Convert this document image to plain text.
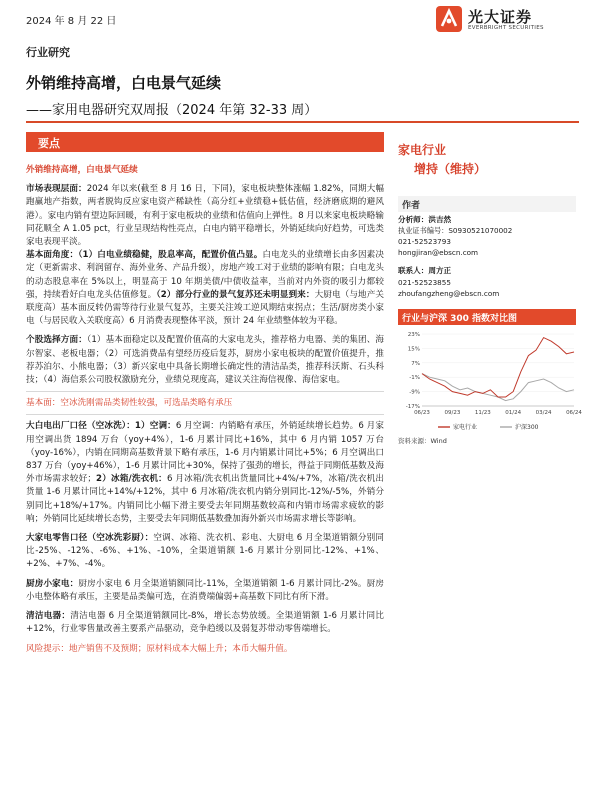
2024 年 8 月 22 日	光大证券
EVERBRIGHT SECURITIES
行业研究
外销维持高增，白电景气延续
——家用电器研究双周报（2024 年第 32-33 周）
要点

外销维持高增，白电景气延续

市场表现层面：2024 年以来(截至 8 月 16 日，下同)，家电板块整体涨幅 1.82%，同期大幅跑赢地产指数，两者脱钩反应家电资产稀缺性（高分红+业绩稳+低估值，经济磨底期的避风港）。家电内销有望边际回暖，有利于家电板块的业绩和估值向上弹性。8 月以来家电板块略输同花顺全 A 1.05 pct，行业呈现结构性亮点，白电内销平稳增长，外销延续向好趋势，可选类家电表现平淡。

基本面角度：（1）白电业绩稳健，股息率高，配置价值凸显。白电龙头的业绩增长由多因素决定（更新需求、利润留存、海外业务、产品升级），房地产竣工对于业绩的影响有限；白电龙头的动态股息率在 5%以上，明显高于 10 年期美债/中债收益率，当前对内外资的吸引力都较强，持续看好白电龙头估值修复。（2）部分行业的景气复苏还未明显到来：大厨电（与地产关联度高）基本面反转仍需等待行业景气复苏，主要关注竣工逆风期结束拐点；生活/厨房类小家电（与居民收入关联度高）6 月消费表现整体平淡，预计 24 年业绩整体较为平稳。

个股选择方面：（1）基本面稳定以及配置价值高的大家电龙头，推荐格力电器、美的集团、海尔智家、老板电器；（2）可选消费品有望经历疫后复苏，厨房小家电板块的配置价值提升，推荐苏泊尔、小熊电器；（3）新兴家电中具备长期增长确定性的清洁品类，推荐科沃斯、石头科技；（4）海信系公司股权激励充分，业绩兑现度高，建议关注海信视像、海信家电。

基本面：空冰洗刚需品类韧性较强，可选品类略有承压

大白电出厂口径（空冰洗）：1）空调：6 月空调：内销略有承压，外销延续增长趋势。6 月家用空调出货 1894 万台（yoy+4%），1-6 月累计同比+16%，其中 6 月内销 1057 万台（yoy-16%），内销在同期高基数背景下略有承压，1-6 月内销累计同比+5%；6 月空调出口 837 万台（yoy+46%），1-6 月累计同比+30%，保持了强劲的增长，得益于同期低基数及海外市场需求较好；2）冰箱/洗衣机：6 月冰箱/洗衣机出货量同比+4%/+7%，冰箱/洗衣机出货量 1-6 月累计同比+14%/+12%，其中 6 月冰箱/洗衣机内销分别同比-12%/-5%，外销分别同比+18%/+17%。内销同比小幅下滑主要受去年同期基数较高和内销市场需求疲软的影响；外销同比延续增长态势，主要受去年同期低基数叠加海外新兴市场需求增长等影响。

大家电零售口径（空冰洗彩厨）：空调、冰箱、洗衣机、彩电、大厨电 6 月全渠道销额分别同比-25%、-12%、-6%、+1%、-10%，全渠道销额 1-6 月累计分别同比-12%、+1%、+2%、+7%、-4%。

厨房小家电：厨房小家电 6 月全渠道销额同比-11%，全渠道销额 1-6 月累计同比-2%。厨房小电整体略有承压，主要是品类偏可选，在消费端偏弱+高基数下同比有所下滑。

清洁电器：清洁电器 6 月全渠道销额同比-8%，增长态势放缓。全渠道销额 1-6 月累计同比+12%，行业零售量改善主要系产品驱动，竞争趋缓以及弱复苏带动零售端增长。

风险提示：地产销售不及预期；原材料成本大幅上升；本币大幅升值。

家电行业
增持（维持）
作者
分析师：洪吉然
执业证书编号：S0930521070002
021-52523793
hongjiran@ebscn.com
联系人：周方正
021-52523855
zhoufangzheng@ebscn.com
行业与沪深 300 指数对比图
-17%
-9%
-1%
7%
15%
23%
06/23	09/23	11/23	01/24	03/24	06/24
家电行业	沪深300
资料来源：Wind
